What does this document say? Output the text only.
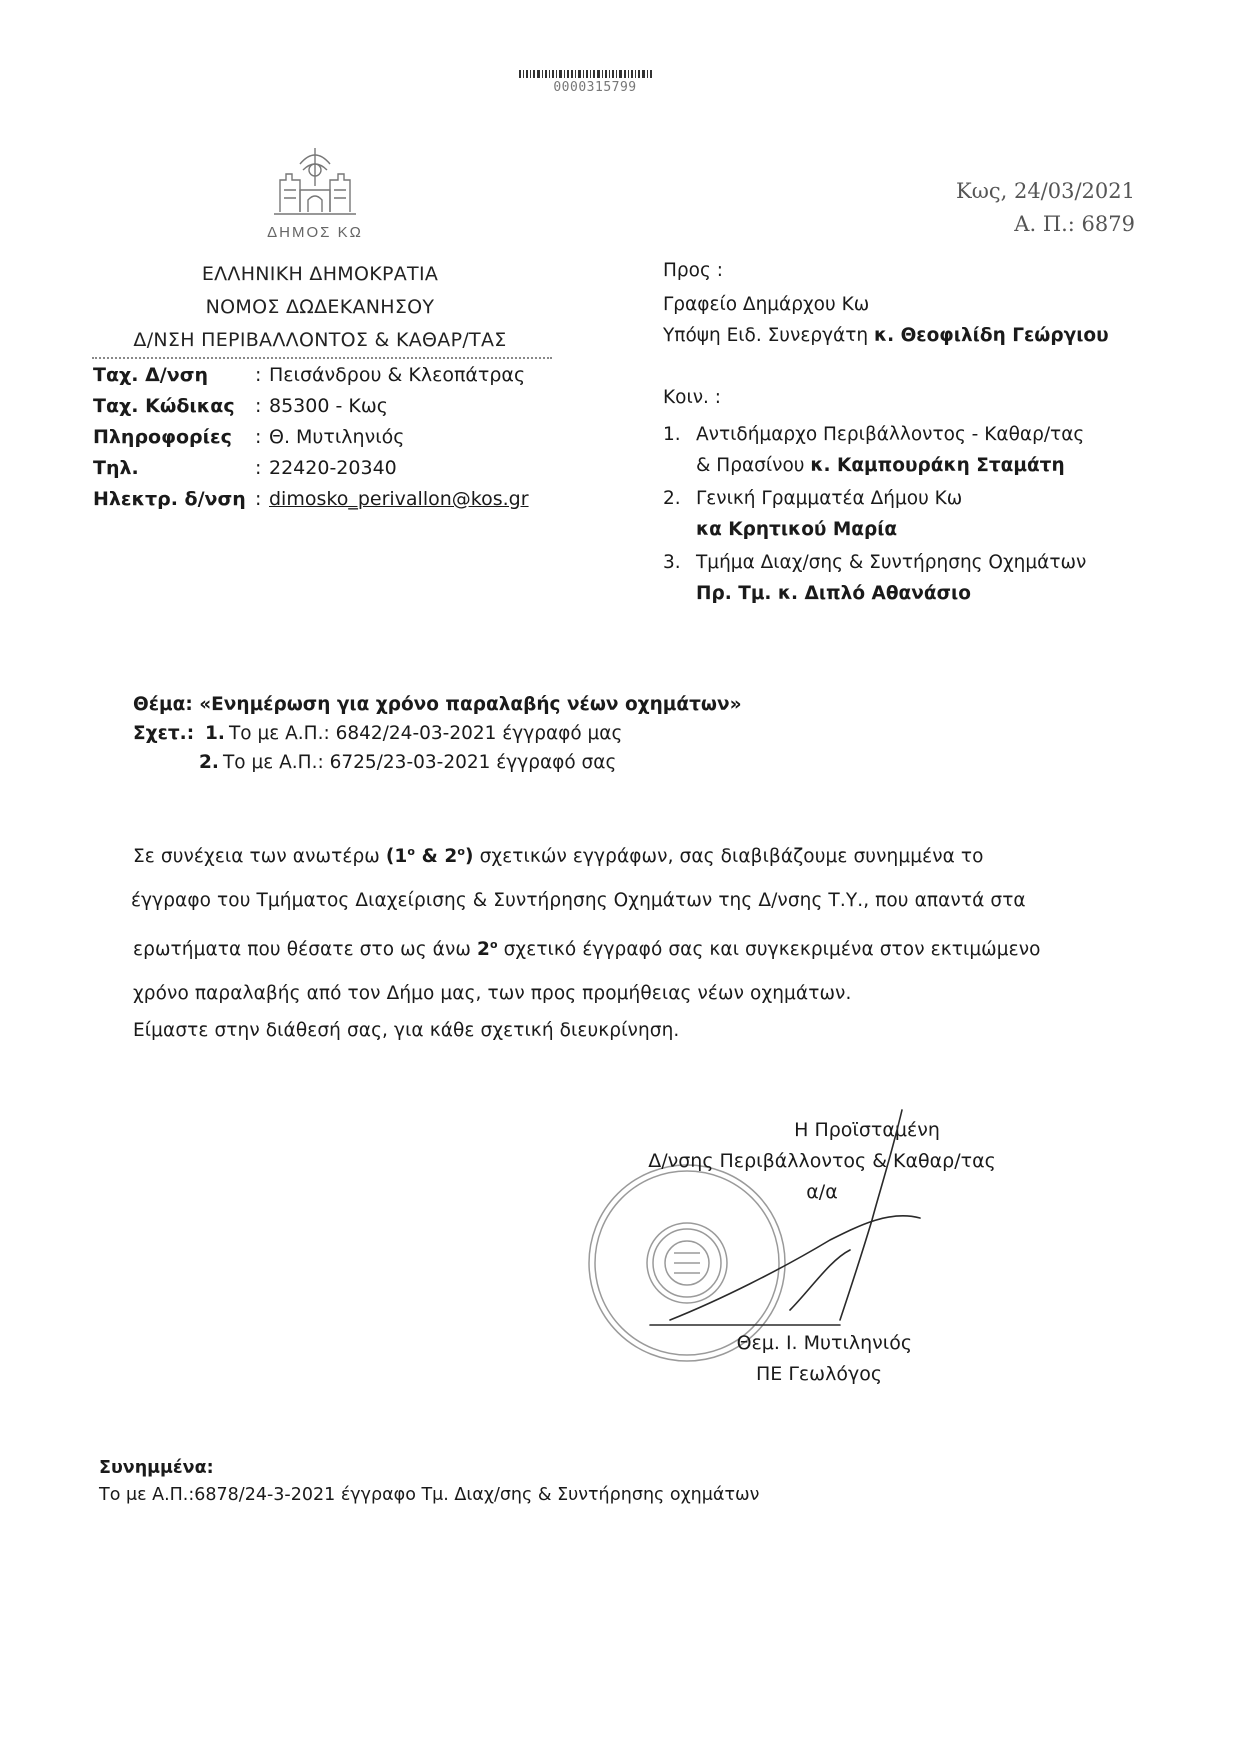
0000315799
ΔΗΜΟΣ ΚΩ
ΕΛΛΗΝΙΚΗ ΔΗΜΟΚΡΑΤΙΑ
ΝΟΜΟΣ ΔΩΔΕΚΑΝΗΣΟΥ
Δ/ΝΣΗ ΠΕΡΙΒΑΛΛΟΝΤΟΣ & ΚΑΘΑΡ/ΤΑΣ
Ταχ. Δ/νση : Πεισάνδρου & Κλεοπάτρας
Ταχ. Κώδικας : 85300 - Κως
Πληροφορίες : Θ. Μυτιληνιός
Τηλ.	: 22420-20340
Ηλεκτρ. δ/νση : dimosko_perivallon@kos.gr
Κως, 24/03/2021
Α. Π.: 6879
Προς :
Γραφείο Δημάρχου Κω
Υπόψη Ειδ. Συνεργάτη κ. Θεοφιλίδη Γεώργιου
Κοιν. :
1. Αντιδήμαρχο Περιβάλλοντος - Καθαρ/τας
& Πρασίνου κ. Καμπουράκη Σταμάτη
2. Γενική Γραμματέα Δήμου Κω
κα Κρητικού Μαρία
3. Τμήμα Διαχ/σης & Συντήρησης Οχημάτων
Πρ. Τμ. κ. Διπλό Αθανάσιο
Θέμα: «Ενημέρωση για χρόνο παραλαβής νέων οχημάτων»
Σχετ.: 1. Το με Α.Π.: 6842/24-03-2021 έγγραφό μας
2. Το με Α.Π.: 6725/23-03-2021 έγγραφό σας
Σε συνέχεια των ανωτέρω ($1^o$ & $2^o$) σχετικών εγγράφων, σας διαβιβάζουμε συνημμένα το
έγγραφο του Τμήματος Διαχείρισης & Συντήρησης Οχημάτων της Δ/νσης Τ.Υ., που απαντά στα
ερωτήματα που θέσατε στο ως άνω $2^o$ σχετικό έγγραφό σας και συγκεκριμένα στον εκτιμώμενο
χρόνο παραλαβής από τον Δήμο μας, των προς προμήθειας νέων οχημάτων.
Είμαστε στην διάθεσή σας, για κάθε σχετική διευκρίνηση.
Η Προϊσταμένη
Δ/νσης Περιβάλλοντος & Καθαρ/τας
α/α
Θεμ. Ι. Μυτιληνιός
ΠΕ Γεωλόγος
Συνημμένα:
Το με Α.Π.:6878/24-3-2021 έγγραφο Τμ. Διαχ/σης & Συντήρησης οχημάτων
